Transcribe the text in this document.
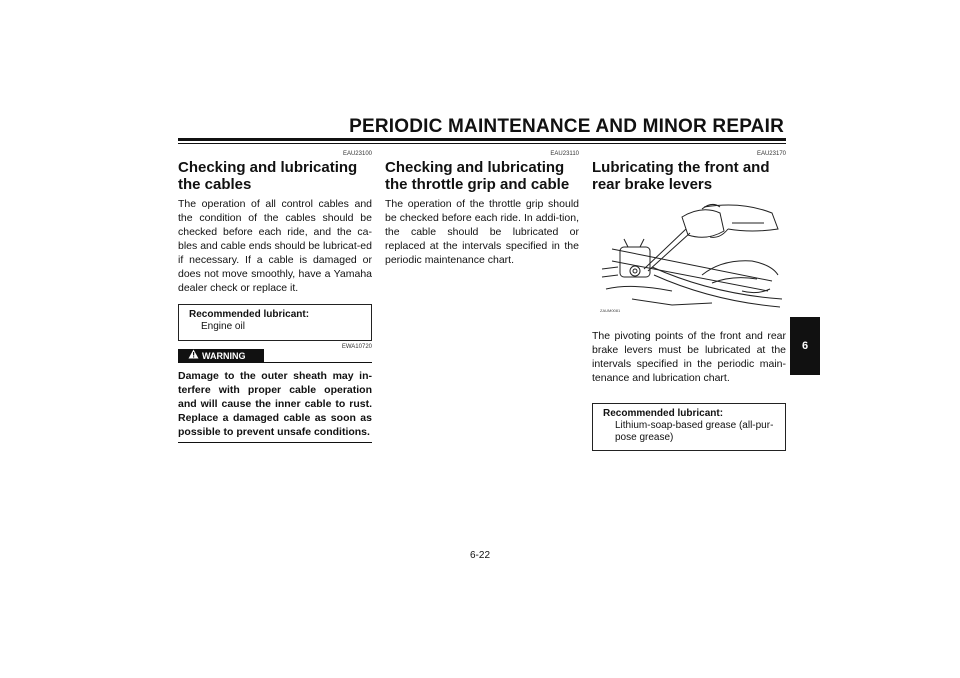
PERIODIC MAINTENANCE AND MINOR REPAIR
EAU23100
Checking and lubricating the cables

The operation of all control cables and the condition of the cables should be checked before each ride, and the ca-bles and cable ends should be lubricat-ed if necessary. If a cable is damaged or does not move smoothly, have a Yamaha dealer check or replace it.

Recommended lubricant:
Engine oil
WARNING
EWA10720

Damage to the outer sheath may in-terfere with proper cable operation and will cause the inner cable to rust. Replace a damaged cable as soon as possible to prevent unsafe conditions.

EAU23110
Checking and lubricating the throttle grip and cable

The operation of the throttle grip should be checked before each ride. In addi-tion, the cable should be lubricated or replaced at the intervals specified in the periodic maintenance chart.

EAU23170
Lubricating the front and rear brake levers
ZAUM0081

The pivoting points of the front and rear brake levers must be lubricated at the intervals specified in the periodic main-tenance and lubrication chart.

Recommended lubricant:
Lithium-soap-based grease (all-pur-pose grease)
6
6-22
